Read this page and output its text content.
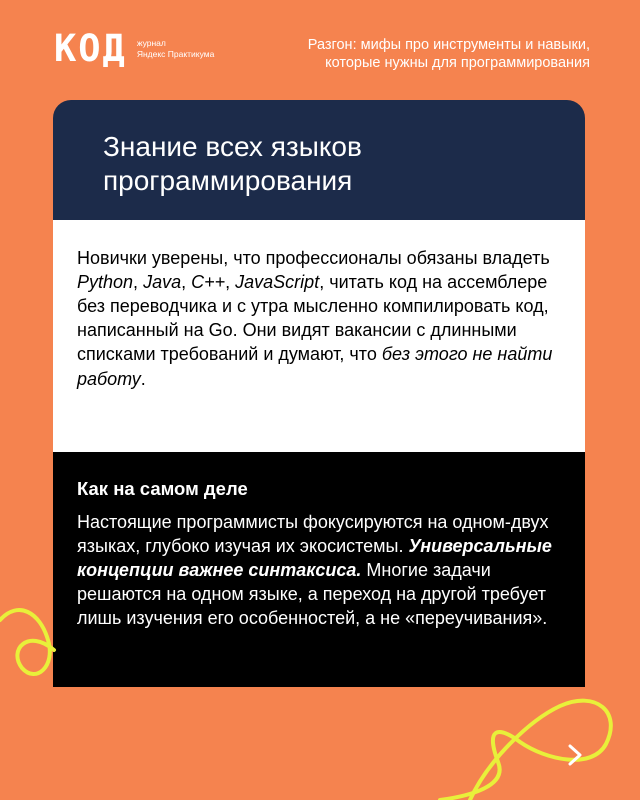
КОД журнал
Яндекс Практикума
Разгон: мифы про инструменты и навыки,
которые нужны для программирования
Знание всех языков
программирования

Новички уверены, что профессионалы обязаны владеть Python, Java, C++, JavaScript, читать код на ассемблере без переводчика и с утра мысленно компилировать код, написанный на Go. Они видят вакансии с длинными списками требований и думают, что без этого не найти работу.

Как на самом деле

Настоящие программисты фокусируются на одном-двух языках, глубоко изучая их экосистемы. Универсальные концепции важнее синтаксиса. Многие задачи решаются на одном языке, а переход на другой требует лишь изучения его особенностей, а не «переучивания».
